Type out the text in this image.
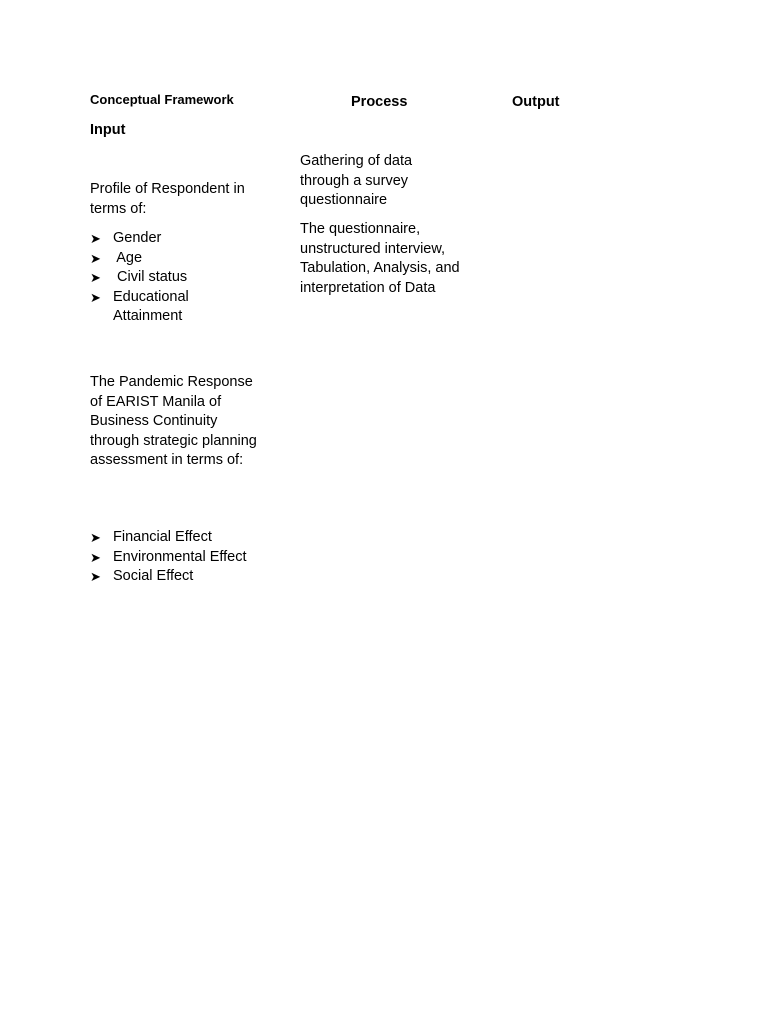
Conceptual Framework	Process	Output
Input
Profile of Respondent in terms of:
➤ Gender
➤ Age
➤ Civil status
➤ Educational Attainment
The Pandemic Response of EARIST Manila of Business Continuity through strategic planning assessment in terms of:
➤ Financial Effect
➤ Environmental Effect
➤ Social Effect
Gathering of data through a survey questionnaire
The questionnaire, unstructured interview, Tabulation, Analysis, and interpretation of Data
